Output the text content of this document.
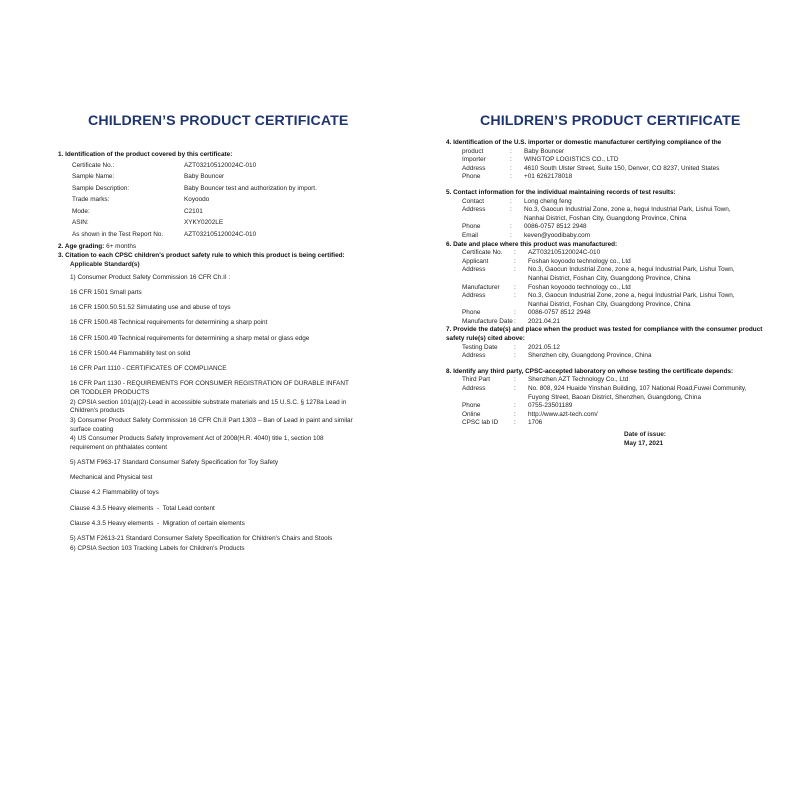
CHILDREN’S PRODUCT CERTIFICATE
1. Identification of the product covered by this certificate:
Certificate No.:	AZT032105120024C-010
Sample Name:	Baby Bouncer
Sample Description:	Baby Bouncer test and authorization by import.
Trade marks:	Koyoodo
Mode:	C2101
ASIN:	XYKY0202LE
As shown in the Test Report No.	AZT032105120024C-010
2. Age grading: 6+ months
3. Citation to each CPSC children's product safety rule to which this product is being certified:
Applicable Standard(s)
1) Consumer Product Safety Commission 16 CFR Ch.II :
16 CFR 1501 Small parts
16 CFR 1500.50.51.52 Simulating use and abuse of toys
16 CFR 1500.48 Technical requirements for determining a sharp point
16 CFR 1500.49 Technical requirements for determining a sharp metal or glass edge
16 CFR 1500.44 Flammability test on solid
16 CFR Part 1110 - CERTIFICATES OF COMPLIANCE
16 CFR Part 1130 - REQUIREMENTS FOR CONSUMER REGISTRATION OF DURABLE INFANT OR TODDLER PRODUCTS
2) CPSIA section 101(a)(2)-Lead in accessible substrate materials and 15 U.S.C. § 1278a Lead in Children's products
3) Consumer Product Safety Commission 16 CFR Ch.II Part 1303 – Ban of Lead in paint and similar surface coating
4) US Consumer Products Safety Improvement Act of 2008(H.R. 4040) title 1, section 108 requirement on phthalates content
5) ASTM F963-17 Standard Consumer Safety Specification for Toy Safety
Mechanical and Physical test
Clause 4.2 Flammability of toys
Clause 4.3.5 Heavy elements  -  Total Lead content
Clause 4.3.5 Heavy elements  -  Migration of certain elements
5) ASTM F2613-21 Standard Consumer Safety Specification for Children's Chairs and Stools
6) CPSIA Section 103 Tracking Labels for Children's Products
CHILDREN’S PRODUCT CERTIFICATE
4. Identification of the U.S. importer or domestic manufacturer certifying compliance of the
product	:	Baby Bouncer
Importer	:	WINGTOP LOGISTICS CO., LTD
Address	:	4610 South Ulster Street, Suite 150, Denver, CO 8237, United States
Phone	:	+01 6262178018
5. Contact information for the individual maintaining records of test results:
Contact	:	Long cheng feng
Address	:	No.3, Gaocun Industrial Zone, zone a, hegui Industrial Park, Lishui Town, Nanhai District, Foshan City, Guangdong Province, China
Phone	:	0086-0757 8512 2948
Email	:	keven@yoodibaby.com
6. Date and place where this product was manufactured:
Certificate No.	:	AZT032105120024C-010
Applicant	:	Foshan koyoodo technology co., Ltd
Address	:	No.3, Gaocun Industrial Zone, zone a, hegui Industrial Park, Lishui Town, Nanhai District, Foshan City, Guangdong Province, China
Manufacturer	:	Foshan koyoodo technology co., Ltd
Address	:	No.3, Gaocun Industrial Zone, zone a, hegui Industrial Park, Lishui Town, Nanhai District, Foshan City, Guangdong Province, China
Phone	:	0086-0757 8512 2948
Manufacture Date :	2021.04.21
7. Provide the date(s) and place when the product was tested for compliance with the consumer product safety rule(s) cited above:
Testing Date	:	2021.05.12
Address	:	Shenzhen city, Guangdong Province, China
8. Identify any third party, CPSC-accepted laboratory on whose testing the certificate depends:
Third Part	:	Shenzhen AZT Technology Co., Ltd
Address	:	No. 808, 924 Huaide Yinshan Building, 107 National Road,Fuwei Community, Fuyong Street, Baoan District, Shenzhen, Guangdong, China
Phone	:	0755-23501189
Online	:	http://www.azt-tech.com/
CPSC lab ID	:	1706
Date of issue:
May 17, 2021
